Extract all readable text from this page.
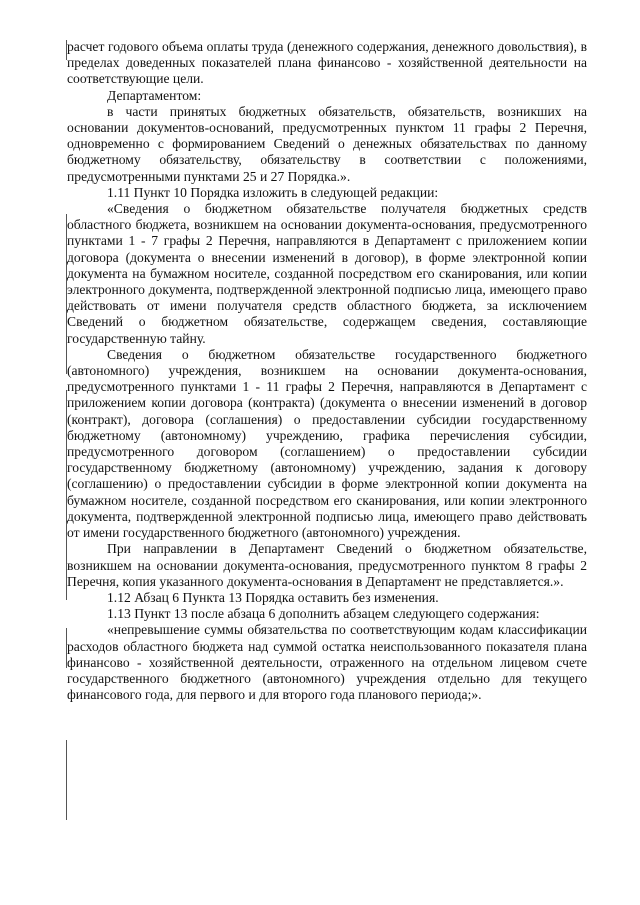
расчет годового объема оплаты труда (денежного содержания, денежного довольствия), в пределах доведенных показателей плана финансово - хозяйственной деятельности на соответствующие цели.

Департаментом:

в части принятых бюджетных обязательств, обязательств, возникших на основании документов-оснований, предусмотренных пунктом 11 графы 2 Перечня, одновременно с формированием Сведений о денежных обязательствах по данному бюджетному обязательству, обязательству в соответствии с положениями, предусмотренными пунктами 25 и 27 Порядка.».

1.11 Пункт 10 Порядка изложить в следующей редакции:

«Сведения о бюджетном обязательстве получателя бюджетных средств областного бюджета, возникшем на основании документа-основания, предусмотренного пунктами 1 - 7 графы 2 Перечня, направляются в Департамент с приложением копии договора (документа о внесении изменений в договор), в форме электронной копии документа на бумажном носителе, созданной посредством его сканирования, или копии электронного документа, подтвержденной электронной подписью лица, имеющего право действовать от имени получателя средств областного бюджета, за исключением Сведений о бюджетном обязательстве, содержащем сведения, составляющие государственную тайну.

Сведения о бюджетном обязательстве государственного бюджетного (автономного) учреждения, возникшем на основании документа-основания, предусмотренного пунктами 1 - 11 графы 2 Перечня, направляются в Департамент с приложением копии договора (контракта) (документа о внесении изменений в договор (контракт), договора (соглашения) о предоставлении субсидии государственному бюджетному (автономному) учреждению, графика перечисления субсидии, предусмотренного договором (соглашением) о предоставлении субсидии государственному бюджетному (автономному) учреждению, задания к договору (соглашению) о предоставлении субсидии в форме электронной копии документа на бумажном носителе, созданной посредством его сканирования, или копии электронного документа, подтвержденной электронной подписью лица, имеющего право действовать от имени государственного бюджетного (автономного) учреждения.

При направлении в Департамент Сведений о бюджетном обязательстве, возникшем на основании документа-основания, предусмотренного пунктом 8 графы 2 Перечня, копия указанного документа-основания в Департамент не представляется.».

1.12 Абзац 6 Пункта 13 Порядка оставить без изменения.

1.13 Пункт 13 после абзаца 6 дополнить абзацем следующего содержания:

«непревышение суммы обязательства по соответствующим кодам классификации расходов областного бюджета над суммой остатка неиспользованного показателя плана финансово - хозяйственной деятельности, отраженного на отдельном лицевом счете государственного бюджетного (автономного) учреждения отдельно для текущего финансового года, для первого и для второго года планового периода;».
